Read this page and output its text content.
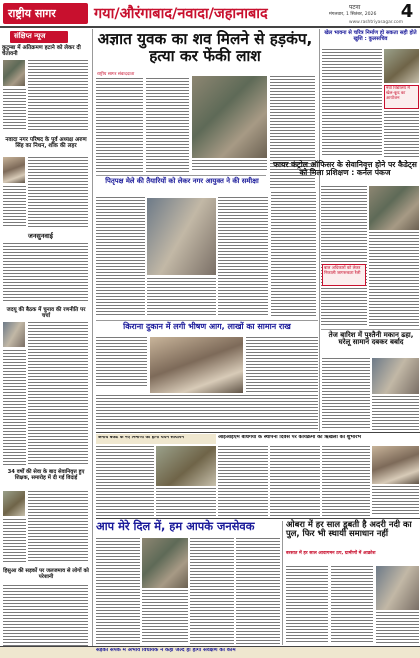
राष्ट्रीय सागर	गया/औरंगाबाद/नवादा/जहानाबाद	पटना
मंगलवार, 1 सितंबर, 2026 4
www.rashtriyasagar.com
संक्षिप्त न्यूज
कुटुम्बा में अतिक्रमण हटाने को लेकर दी चेतावनी
नवादा नगर परिषद के पूर्व अध्यक्ष अरुण सिंह का निधन, शोक की लहर
जनसुनवाई
जदयू की बैठक में चुनाव की रणनीति पर चर्चा
34 वर्षों की सेवा के बाद सेवानिवृत्त हुए शिक्षक, समारोह में दी गई विदाई
हिसुआ की सड़कों पर जलजमाव से लोगों को परेशानी
अज्ञात युवक का शव मिलने से हड़कंप, हत्या कर फेंकी लाश
राष्ट्रीय सागर संवाददाता
पितृपक्ष मेले की तैयारियों को लेकर नगर आयुक्त ने की समीक्षा
किराना दुकान में लगी भीषण आग, लाखों का सामान राख
खेल भावना से चरित्र निर्माण हो सकता सही होते खुशि : कुलसचिव
नवा विद्यालय में खेल-कूद का आयोजन
फायर कंट्रोल ऑफिसर के सेवानिवृत्त होने पर कैडेट्स को मिला प्रशिक्षण : कर्नल पंकज
बाल अधिकारों को लेकर निकाली जागरूकता रैली
तेज बारिश में पुश्तैनी मकान ढहा, घरेलू सामान दबकर बर्बाद
अनाथ बैंकेट के नए निर्माणों का होगा चयन सत्यापन	आईआईएम बोधगया के स्थापना दिवस पर कार्यक्रमों की ऋृंखला का शुभारंभ
आप मेरे दिल में, हम आपके जनसेवक	ओबरा में हर साल डूबती है अदरी नदी का पुल, फिर भी स्थायी समाधान नहीं
बरसात में हर साल आवागमन ठप, ग्रामीणों में आक्रोश
सड़कों संपर्क में अभाव विधायक ने कहा जल्द ही होगा सर्वेक्षण का काम
